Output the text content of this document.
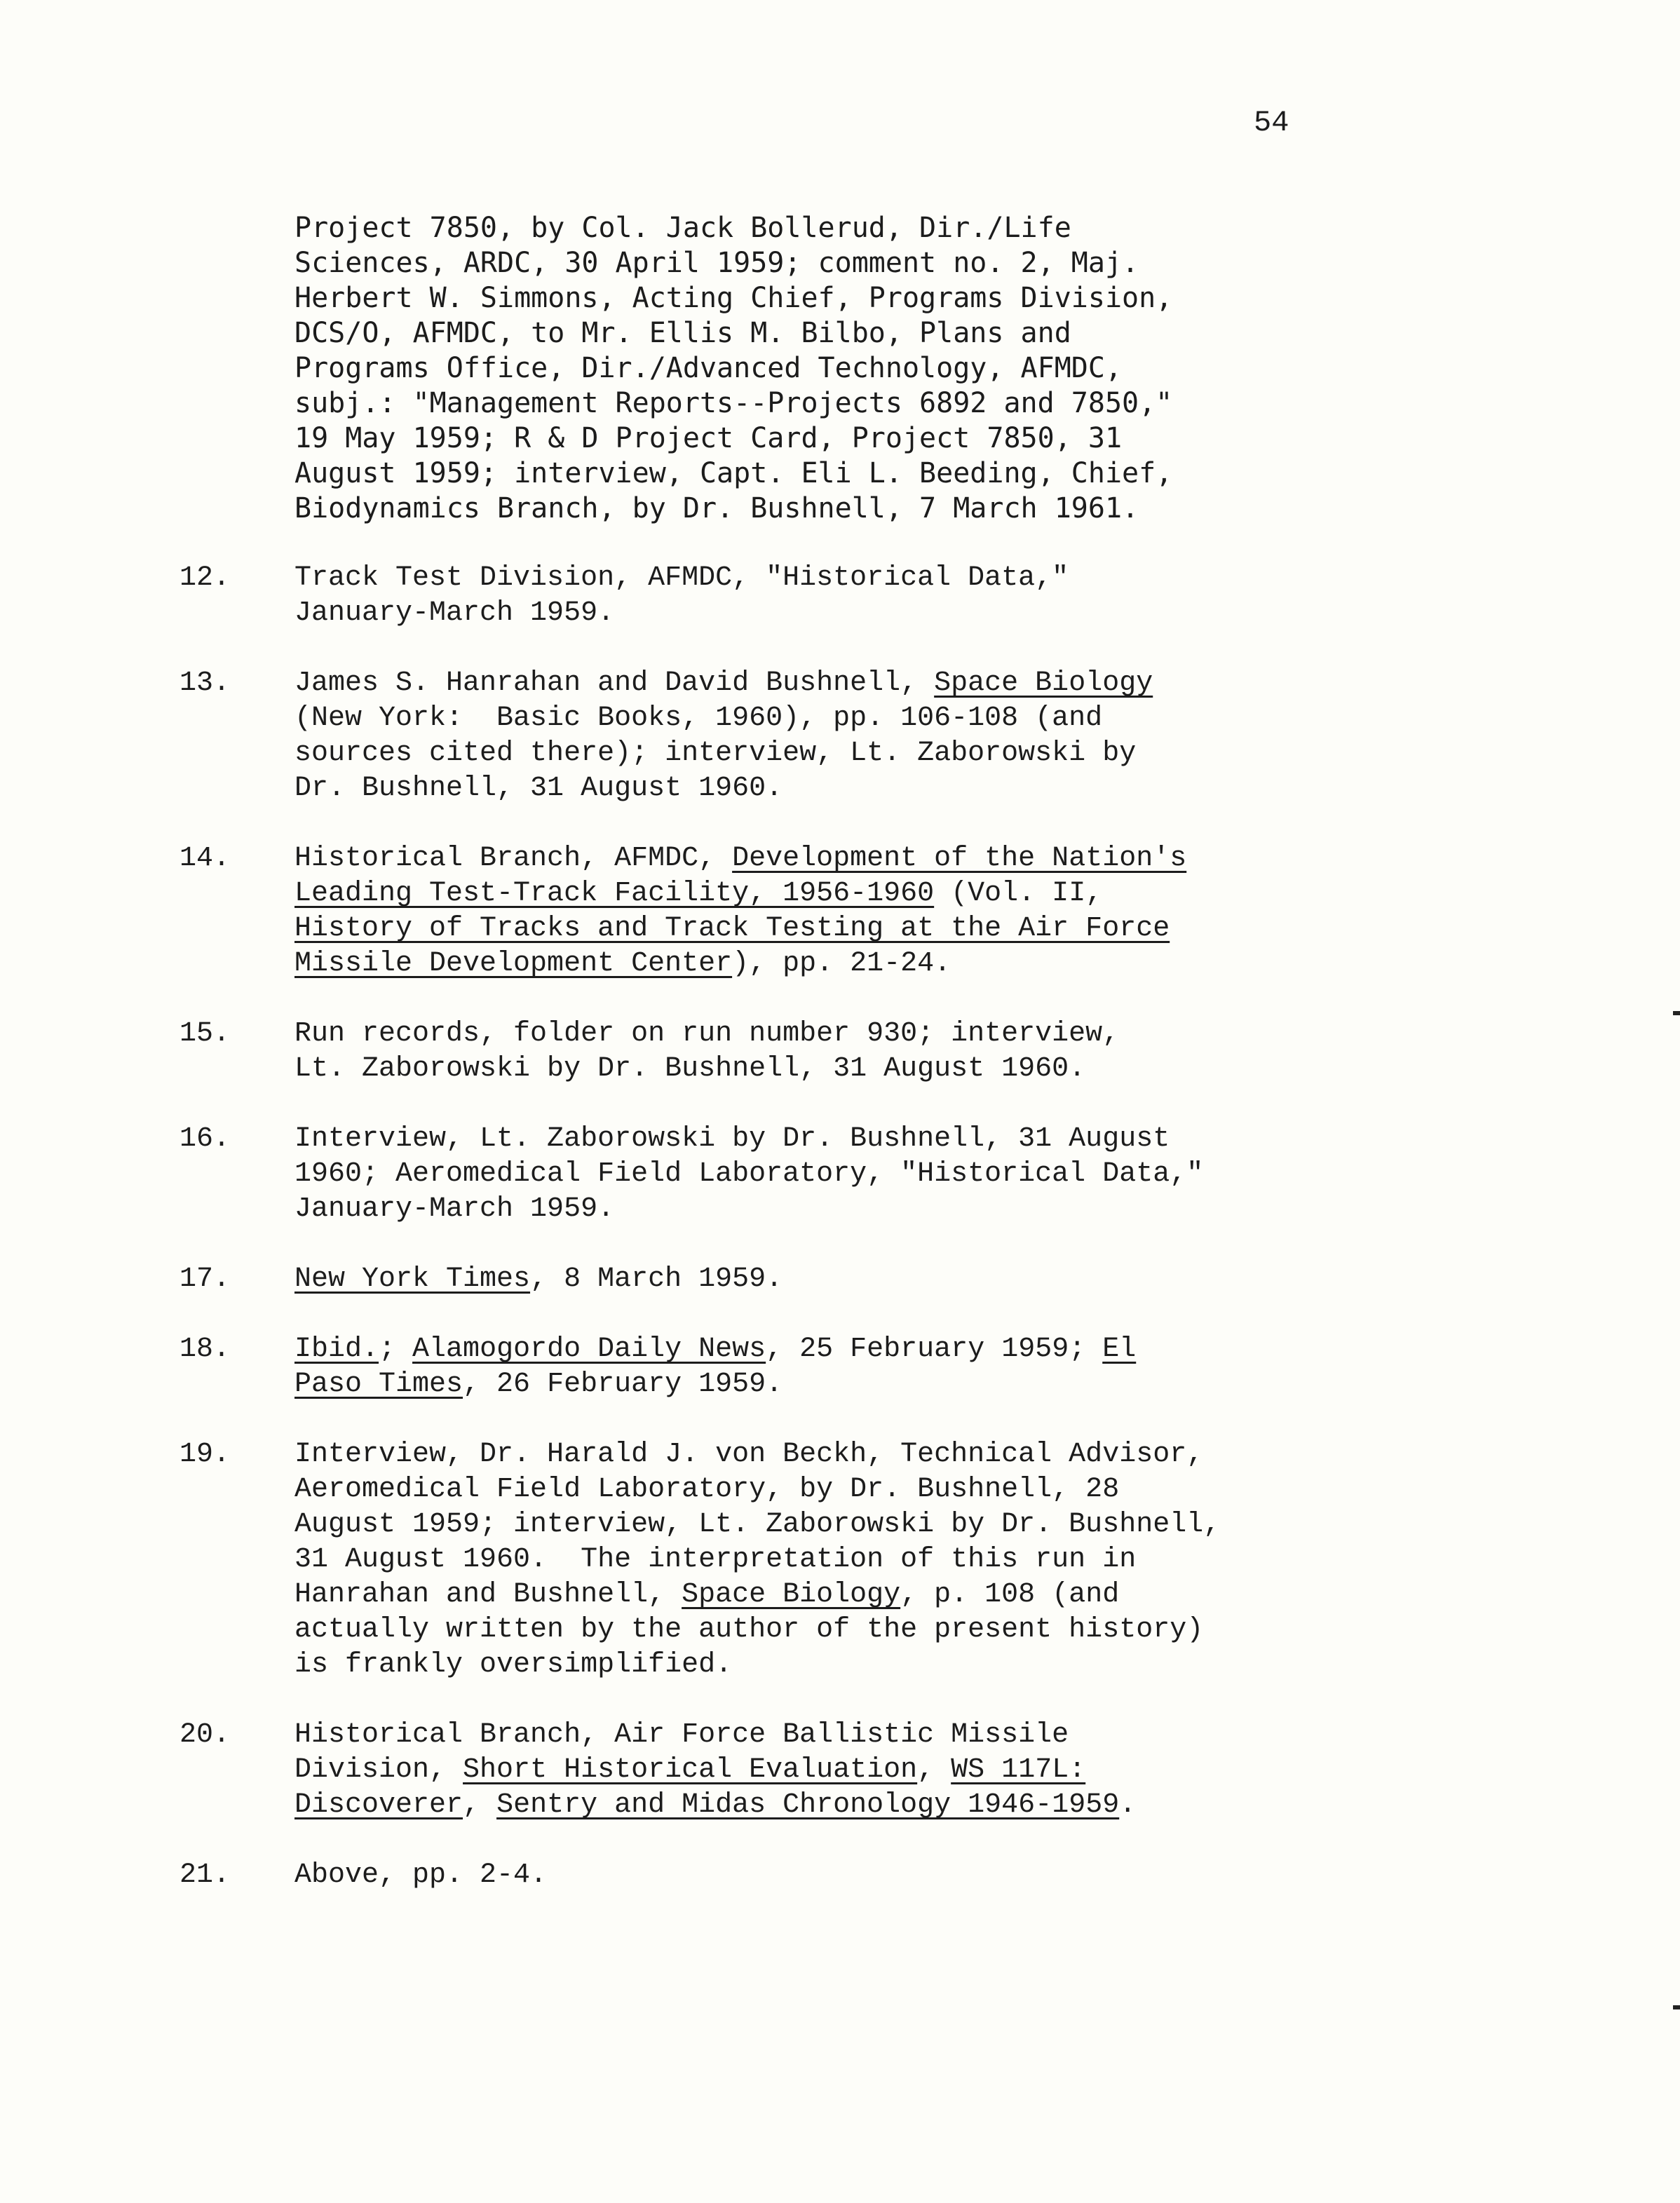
54
Project 7850, by Col. Jack Bollerud, Dir./Life
Sciences, ARDC, 30 April 1959; comment no. 2, Maj.
Herbert W. Simmons, Acting Chief, Programs Division,
DCS/O, AFMDC, to Mr. Ellis M. Bilbo, Plans and
Programs Office, Dir./Advanced Technology, AFMDC,
subj.: "Management Reports--Projects 6892 and 7850,"
19 May 1959; R & D Project Card, Project 7850, 31
August 1959; interview, Capt. Eli L. Beeding, Chief,
Biodynamics Branch, by Dr. Bushnell, 7 March 1961.
12.	Track Test Division, AFMDC, "Historical Data,"
January-March 1959.
13.	James S. Hanrahan and David Bushnell, Space Biology
(New York:  Basic Books, 1960), pp. 106-108 (and
sources cited there); interview, Lt. Zaborowski by
Dr. Bushnell, 31 August 1960.
14.	Historical Branch, AFMDC, Development of the Nation's
Leading Test-Track Facility, 1956-1960 (Vol. II,
History of Tracks and Track Testing at the Air Force
Missile Development Center), pp. 21-24.
15.	Run records, folder on run number 930; interview,
Lt. Zaborowski by Dr. Bushnell, 31 August 1960.
16.	Interview, Lt. Zaborowski by Dr. Bushnell, 31 August
1960; Aeromedical Field Laboratory, "Historical Data,"
January-March 1959.
17.	New York Times, 8 March 1959.
18.	Ibid.; Alamogordo Daily News, 25 February 1959; El
Paso Times, 26 February 1959.
19.	Interview, Dr. Harald J. von Beckh, Technical Advisor,
Aeromedical Field Laboratory, by Dr. Bushnell, 28
August 1959; interview, Lt. Zaborowski by Dr. Bushnell,
31 August 1960.  The interpretation of this run in
Hanrahan and Bushnell, Space Biology, p. 108 (and
actually written by the author of the present history)
is frankly oversimplified.
20.	Historical Branch, Air Force Ballistic Missile
Division, Short Historical Evaluation, WS 117L:
Discoverer, Sentry and Midas Chronology 1946-1959.
21.	Above, pp. 2-4.
